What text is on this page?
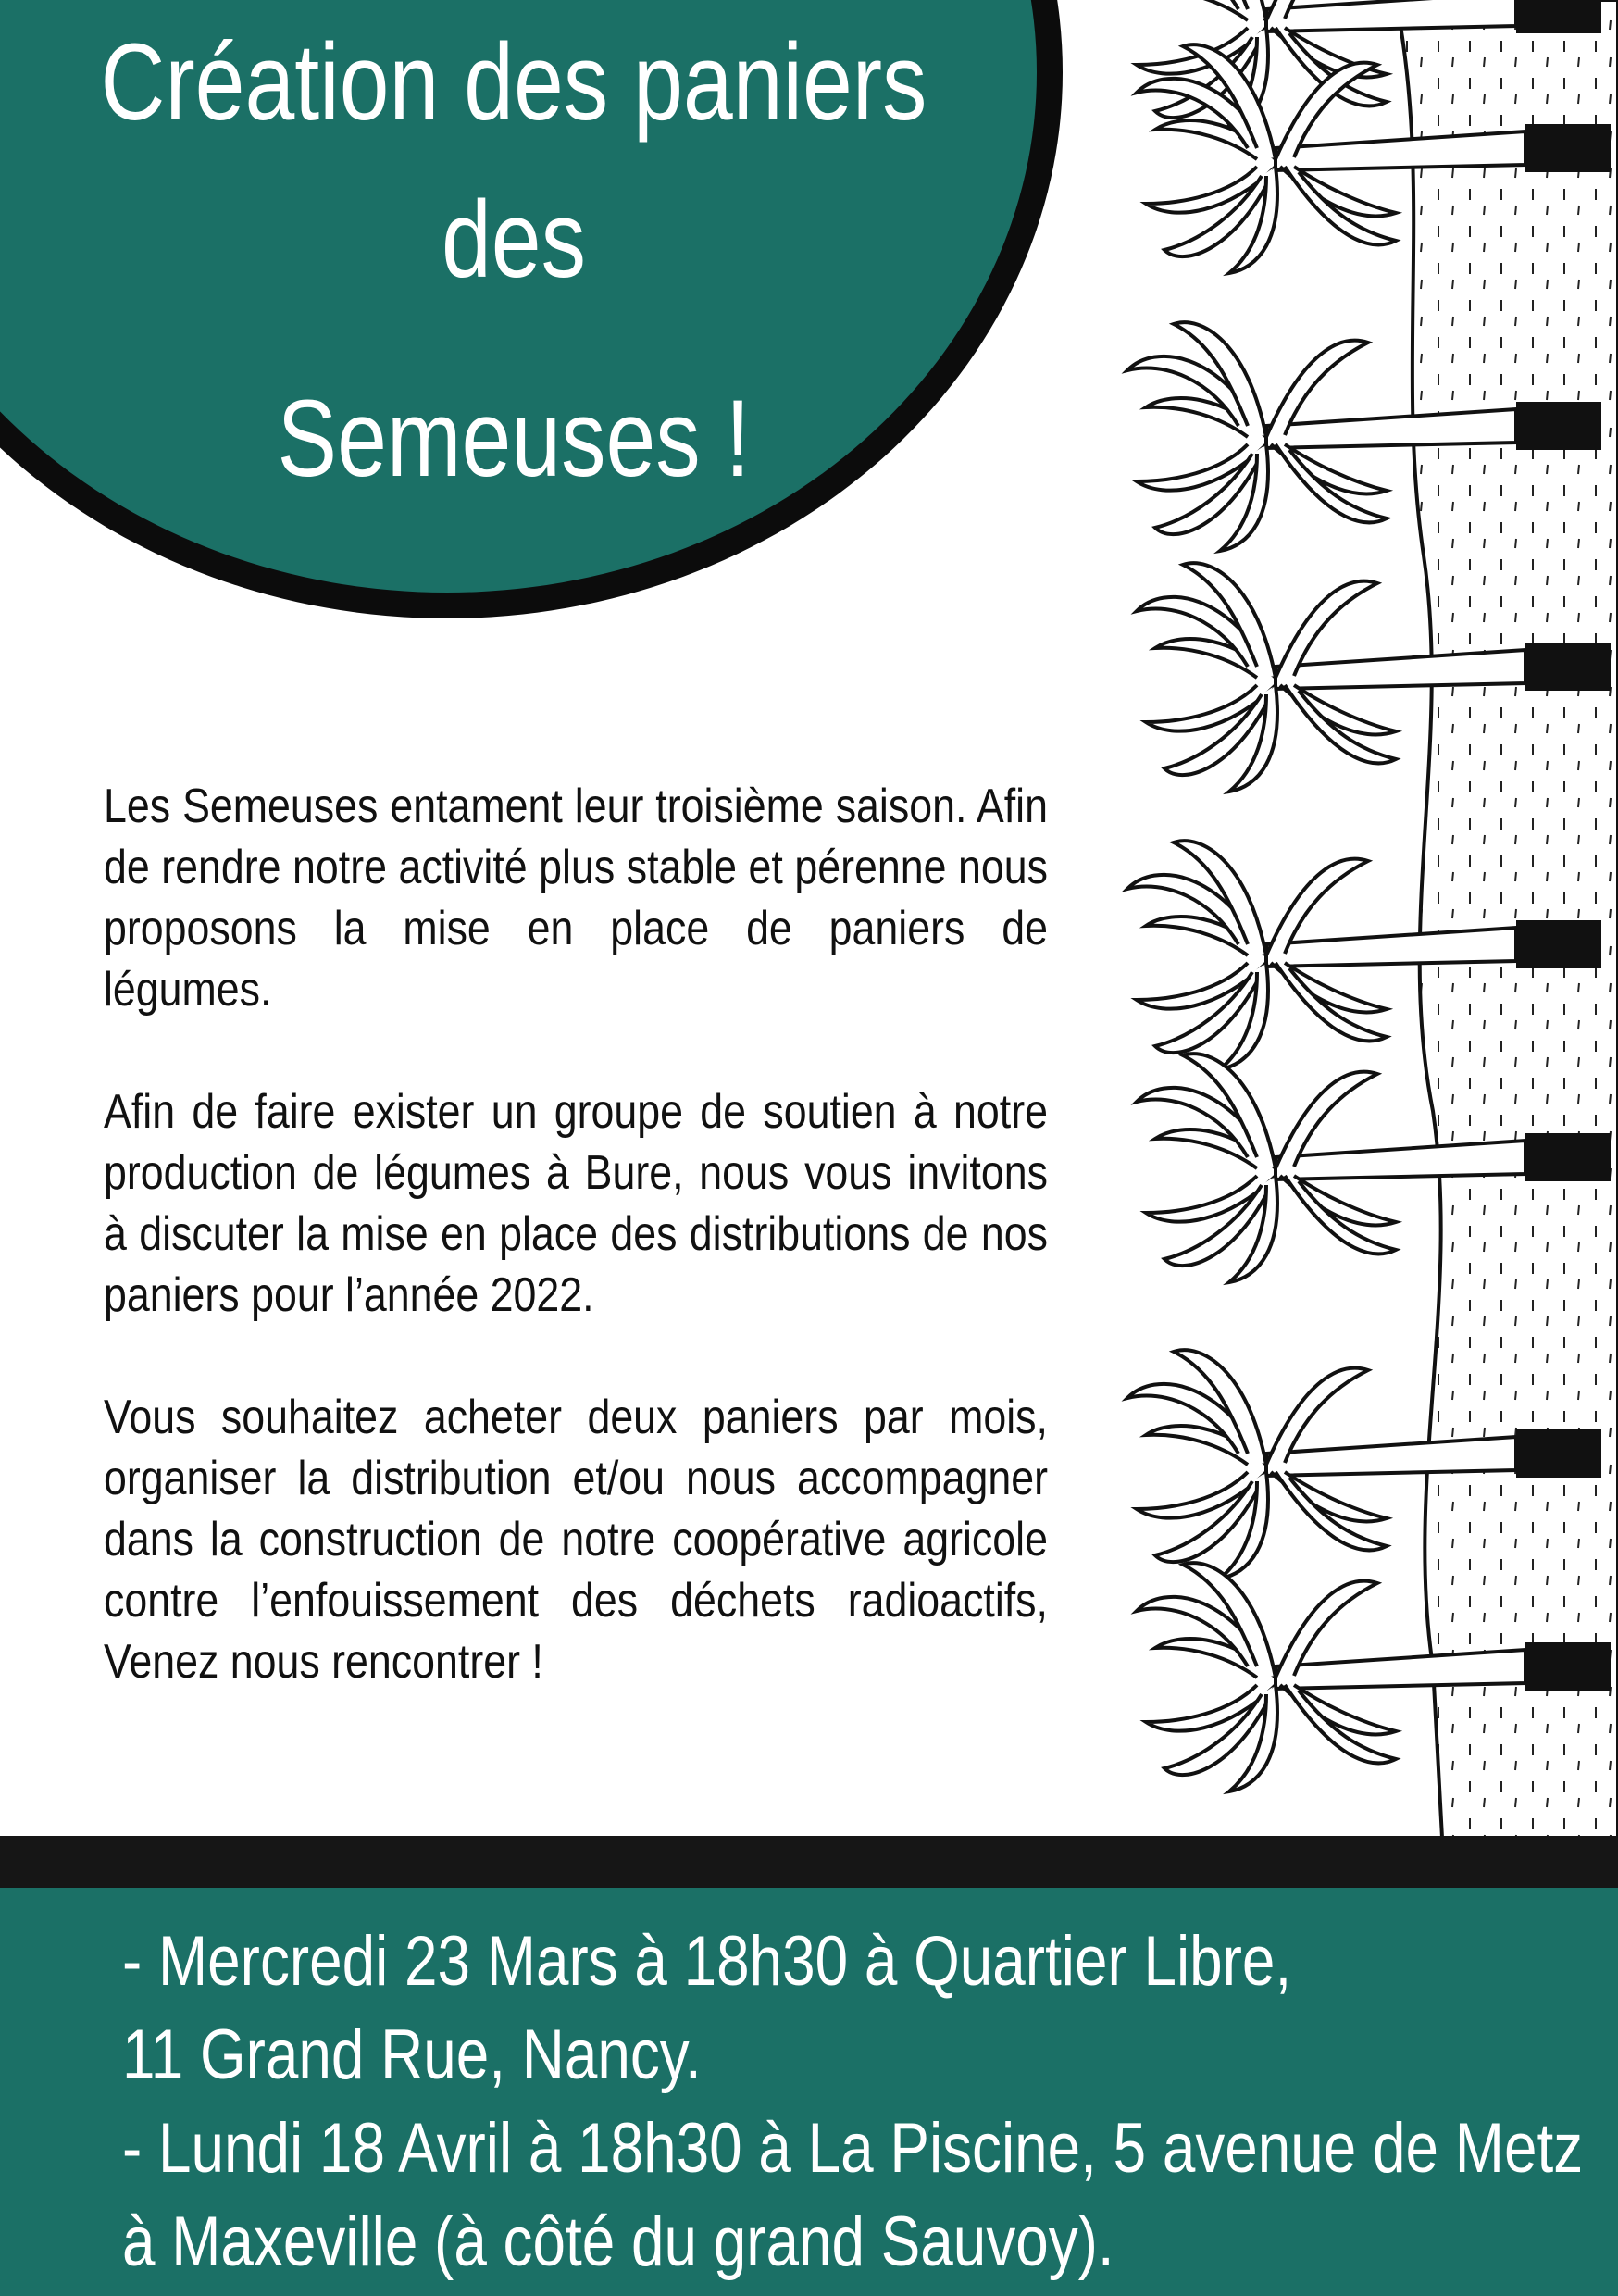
Création des paniers
des
Semeuses !

Les Semeuses entament leur troisième saison. Afin de rendre notre activité plus stable et pérenne nous proposons la mise en place de paniers de légumes.

Afin de faire exister un groupe de soutien à notre production de légumes à Bure, nous vous invitons à discuter la mise en place des distributions de nos paniers pour l’année 2022.

Vous souhaitez acheter deux paniers par mois, organiser la distribution et/ou nous accompagner dans la construction de notre coopérative agricole contre l’enfouissement des déchets radioactifs, Venez nous rencontrer !

- Mercredi 23 Mars à 18h30 à Quartier Libre,
11 Grand Rue, Nancy.
- Lundi 18 Avril à 18h30 à La Piscine, 5 avenue de Metz
à Maxeville (à côté du grand Sauvoy).
